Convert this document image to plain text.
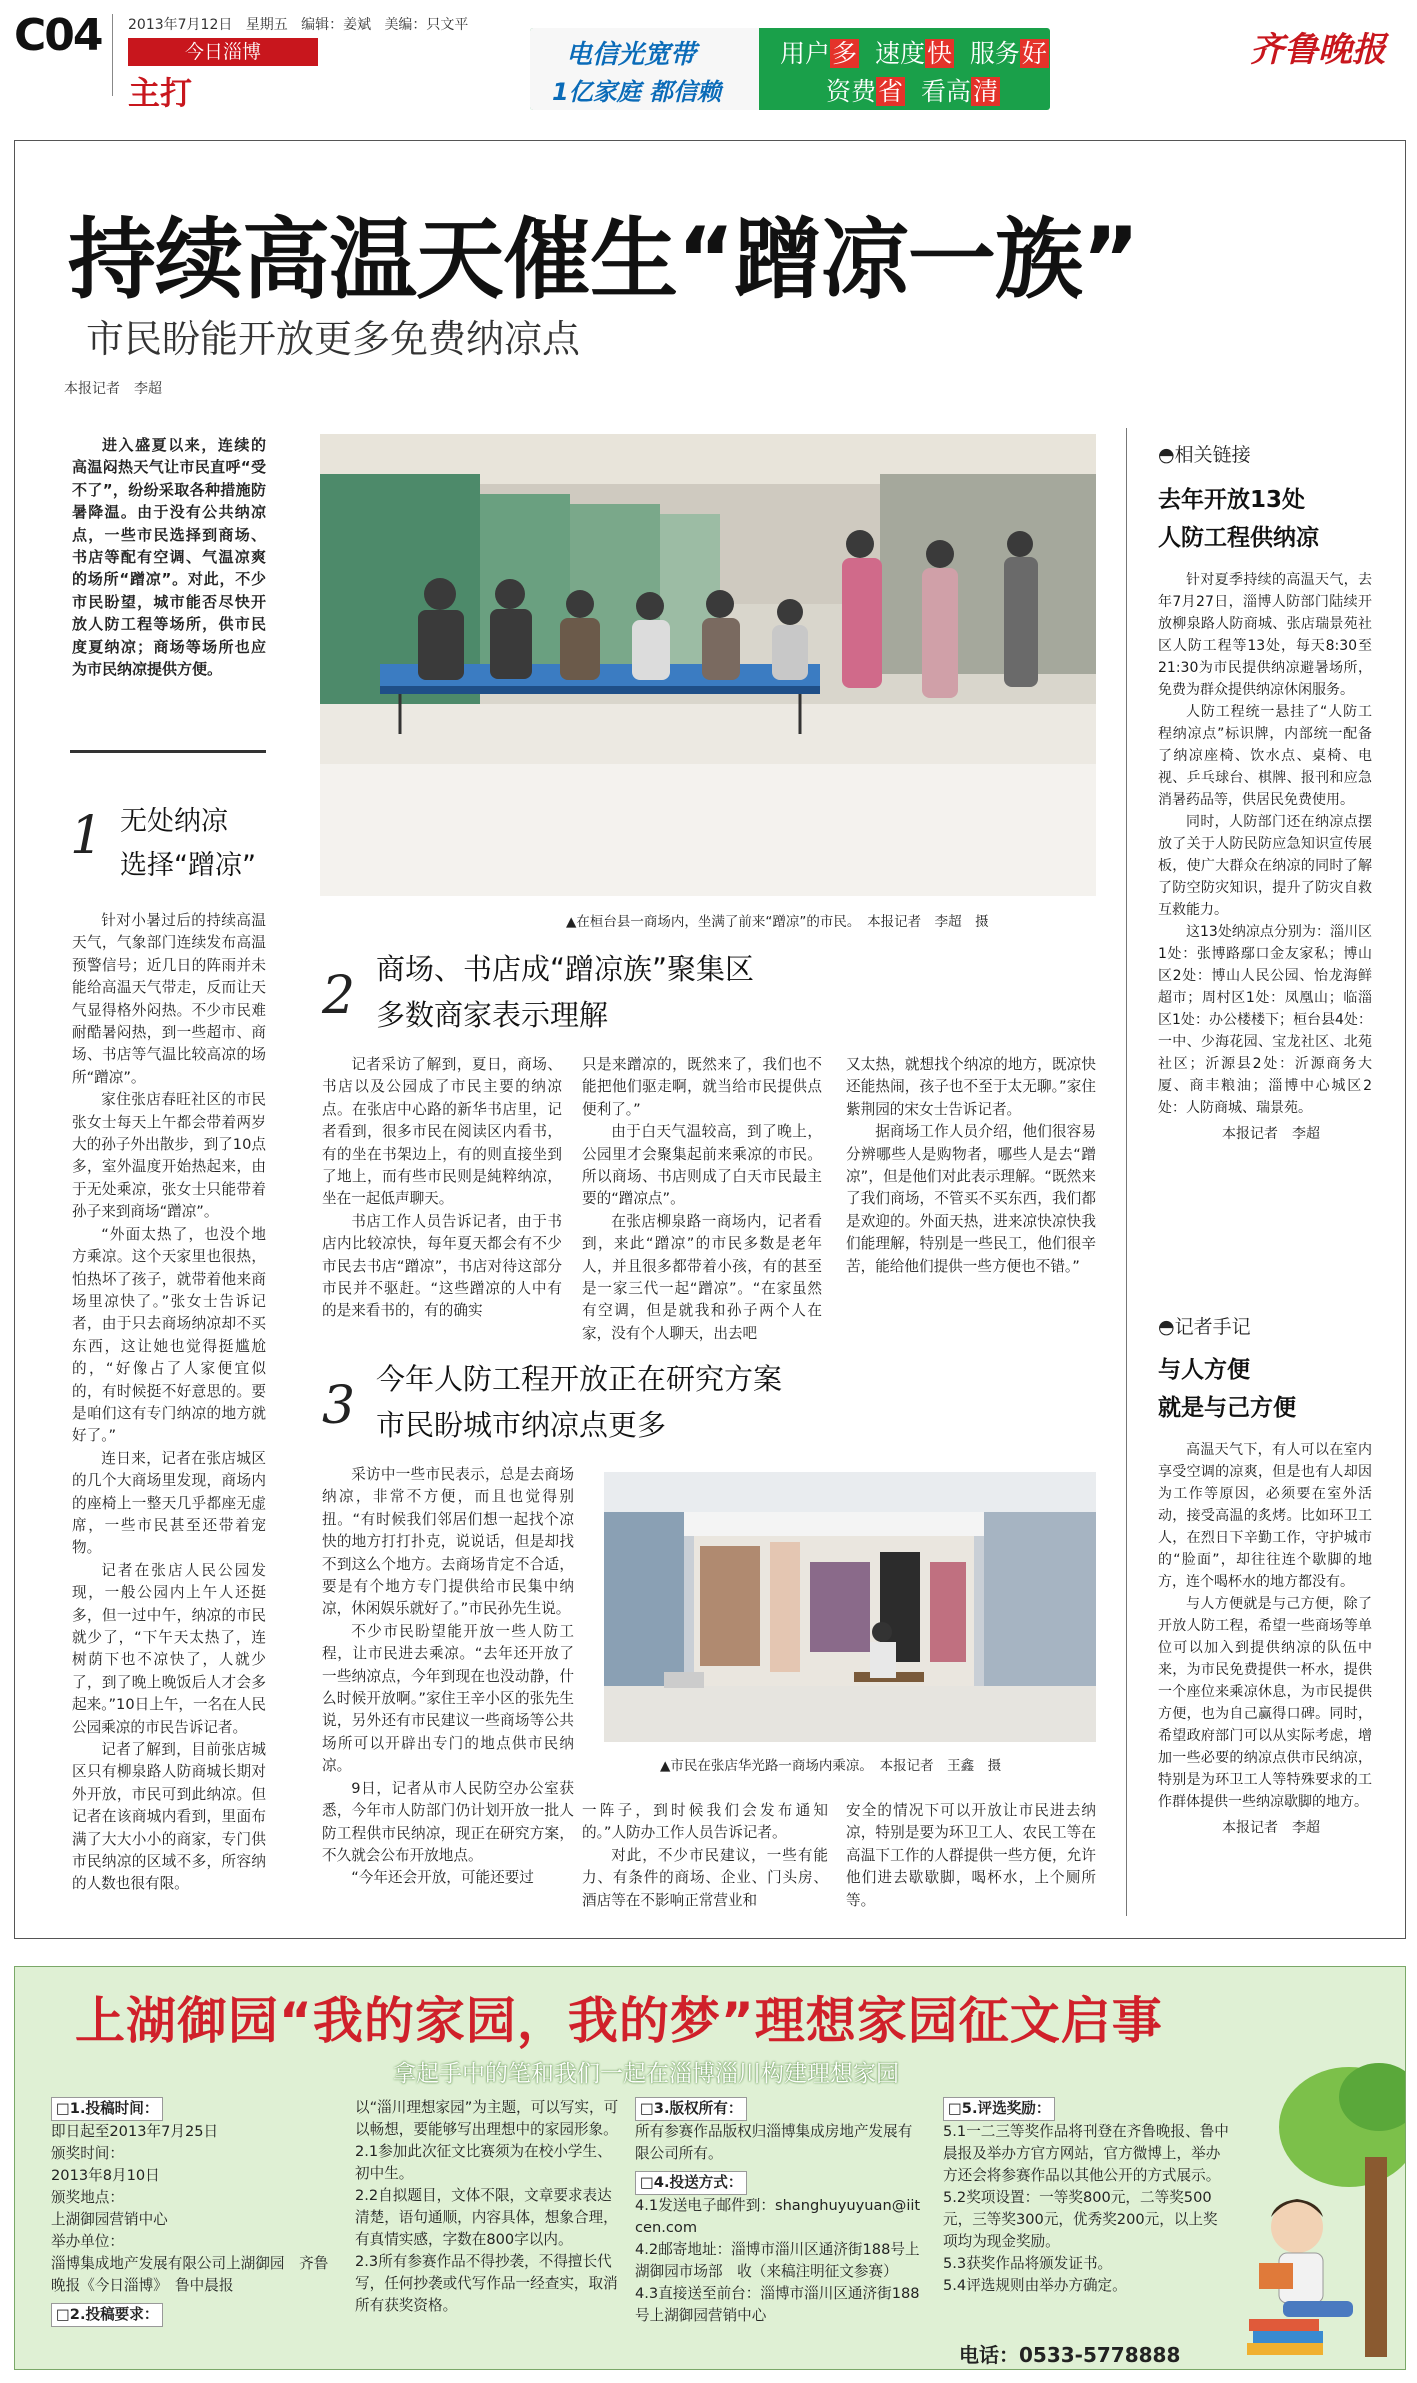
C04 2013年7月12日 星期五 编辑：姜斌 美编：只文平
今日淄博
主打
电信光宽带
1亿家庭 都信赖
用户多 速度快 服务好
资费省 看高清
齐鲁晚报
持续高温天催生“蹭凉一族”
市民盼能开放更多免费纳凉点
本报记者　李超

进入盛夏以来，连续的高温闷热天气让市民直呼“受不了”，纷纷采取各种措施防暑降温。由于没有公共纳凉点，一些市民选择到商场、书店等配有空调、气温凉爽的场所“蹭凉”。对此，不少市民盼望，城市能否尽快开放人防工程等场所，供市民度夏纳凉；商场等场所也应为市民纳凉提供方便。

1 无处纳凉
选择“蹭凉”

针对小暑过后的持续高温天气，气象部门连续发布高温预警信号；近几日的阵雨并未能给高温天气带走，反而让天气显得格外闷热。不少市民难耐酷暑闷热，到一些超市、商场、书店等气温比较高凉的场所“蹭凉”。

家住张店春旺社区的市民张女士每天上午都会带着两岁大的孙子外出散步，到了10点多，室外温度开始热起来，由于无处乘凉，张女士只能带着孙子来到商场“蹭凉”。

“外面太热了，也没个地方乘凉。这个天家里也很热，怕热坏了孩子，就带着他来商场里凉快了。”张女士告诉记者，由于只去商场纳凉却不买东西，这让她也觉得挺尴尬的，“好像占了人家便宜似的，有时候挺不好意思的。要是咱们这有专门纳凉的地方就好了。”

连日来，记者在张店城区的几个大商场里发现，商场内的座椅上一整天几乎都座无虚席，一些市民甚至还带着宠物。

记者在张店人民公园发现，一般公园内上午人还挺多，但一过中午，纳凉的市民就少了，“下午天太热了，连树荫下也不凉快了，人就少了，到了晚上晚饭后人才会多起来。”10日上午，一名在人民公园乘凉的市民告诉记者。

记者了解到，目前张店城区只有柳泉路人防商城长期对外开放，市民可到此纳凉。但记者在该商城内看到，里面布满了大大小小的商家，专门供市民纳凉的区域不多，所容纳的人数也很有限。

▲在桓台县一商场内，坐满了前来“蹭凉”的市民。　本报记者　李超　摄
2 商场、书店成“蹭凉族”聚集区
多数商家表示理解

记者采访了解到，夏日，商场、书店以及公园成了市民主要的纳凉点。在张店中心路的新华书店里，记者看到，很多市民在阅读区内看书，有的坐在书架边上，有的则直接坐到了地上，而有些市民则是純粹纳凉，坐在一起低声聊天。

书店工作人员告诉记者，由于书店内比较凉快，每年夏天都会有不少市民去书店“蹭凉”，书店对待这部分市民并不驱赶。“这些蹭凉的人中有的是来看书的，有的确实

只是来蹭凉的，既然来了，我们也不能把他们驱走啊，就当给市民提供点便利了。”

由于白天气温较高，到了晚上，公园里才会聚集起前来乘凉的市民。所以商场、书店则成了白天市民最主要的“蹭凉点”。

在张店柳泉路一商场内，记者看到，来此“蹭凉”的市民多数是老年人，并且很多都带着小孩，有的甚至是一家三代一起“蹭凉”。“在家虽然有空调，但是就我和孙子两个人在家，没有个人聊天，出去吧

又太热，就想找个纳凉的地方，既凉快还能热闹，孩子也不至于太无聊。”家住紫荆园的宋女士告诉记者。

据商场工作人员介绍，他们很容易分辨哪些人是购物者，哪些人是去“蹭凉”，但是他们对此表示理解。“既然来了我们商场，不管买不买东西，我们都是欢迎的。外面天热，进来凉快凉快我们能理解，特别是一些民工，他们很辛苦，能给他们提供一些方便也不错。”

3 今年人防工程开放正在研究方案
市民盼城市纳凉点更多

采访中一些市民表示，总是去商场纳凉，非常不方便，而且也觉得别扭。“有时候我们邻居们想一起找个凉快的地方打打扑克，说说话，但是却找不到这么个地方。去商场肯定不合适，要是有个地方专门提供给市民集中纳凉，休闲娱乐就好了。”市民孙先生说。

不少市民盼望能开放一些人防工程，让市民进去乘凉。“去年还开放了一些纳凉点，今年到现在也没动静，什么时候开放啊。”家住王辛小区的张先生说，另外还有市民建议一些商场等公共场所可以开辟出专门的地点供市民纳凉。

9日，记者从市人民防空办公室获悉，今年市人防部门仍计划开放一批人防工程供市民纳凉，现正在研究方案，不久就会公布开放地点。

“今年还会开放，可能还要过

▲市民在张店华光路一商场内乘凉。　本报记者　王鑫　摄

一阵子，到时候我们会发布通知的。”人防办工作人员告诉记者。

对此，不少市民建议，一些有能力、有条件的商场、企业、门头房、酒店等在不影响正常营业和

安全的情况下可以开放让市民进去纳凉，特别是要为环卫工人、农民工等在高温下工作的人群提供一些方便，允许他们进去歇歇脚，喝杯水，上个厕所等。

◓相关链接
去年开放13处
人防工程供纳凉

针对夏季持续的高温天气，去年7月27日，淄博人防部门陆续开放柳泉路人防商城、张店瑞景苑社区人防工程等13处，每天8:30至21:30为市民提供纳凉避暑场所，免费为群众提供纳凉休闲服务。

人防工程统一悬挂了“人防工程纳凉点”标识牌，内部统一配备了纳凉座椅、饮水点、桌椅、电视、乒乓球台、棋牌、报刊和应急消暑药品等，供居民免费使用。

同时，人防部门还在纳凉点摆放了关于人防民防应急知识宣传展板，使广大群众在纳凉的同时了解了防空防灾知识，提升了防灾自救互救能力。

这13处纳凉点分别为：淄川区1处：张博路鄢口金友家私；博山区2处：博山人民公园、怡龙海鲜超市；周村区1处：凤凰山；临淄区1处：办公楼楼下；桓台县4处：一中、少海花园、宝龙社区、北苑社区；沂源县2处：沂源商务大厦、商丰粮油；淄博中心城区2处：人防商城、瑞景苑。

本报记者　李超
◓记者手记
与人方便
就是与己方便

高温天气下，有人可以在室内享受空调的凉爽，但是也有人却因为工作等原因，必须要在室外活动，接受高温的炙烤。比如环卫工人，在烈日下辛勤工作，守护城市的“脸面”，却往往连个歇脚的地方，连个喝杯水的地方都没有。

与人方便就是与己方便，除了开放人防工程，希望一些商场等单位可以加入到提供纳凉的队伍中来，为市民免费提供一杯水，提供一个座位来乘凉休息，为市民提供方便，也为自己赢得口碑。同时，希望政府部门可以从实际考虑，增加一些必要的纳凉点供市民纳凉，特别是为环卫工人等特殊要求的工作群体提供一些纳凉歇脚的地方。

本报记者　李超
上湖御园“我的家园，我的梦”理想家园征文启事
拿起手中的笔和我们一起在淄博淄川构建理想家园
□1.投稿时间：
即日起至2013年7月25日
颁奖时间：
2013年8月10日
颁奖地点：
上湖御园营销中心
举办单位：
淄博集成地产发展有限公司上湖御园　齐鲁晚报《今日淄博》　鲁中晨报
□2.投稿要求：
以“淄川理想家园”为主题，可以写实，可以畅想，要能够写出理想中的家园形象。
2.1参加此次征文比赛须为在校小学生、初中生。
2.2自拟题目，文体不限，文章要求表达清楚，语句通顺，内容具体，想象合理，有真情实感，字数在800字以内。
2.3所有参赛作品不得抄袭，不得擅长代写，任何抄袭或代写作品一经查实，取消所有获奖资格。
□3.版权所有：
所有参赛作品版权归淄博集成房地产发展有限公司所有。
□4.投送方式：
4.1发送电子邮件到：shanghuyuyuan@iitcen.com
4.2邮寄地址：淄博市淄川区通济街188号上湖御园市场部　收（来稿注明征文参赛）
4.3直接送至前台：淄博市淄川区通济街188号上湖御园营销中心
□5.评选奖励：
5.1一二三等奖作品将刊登在齐鲁晚报、鲁中晨报及举办方官方网站，官方微博上，举办方还会将参赛作品以其他公开的方式展示。
5.2奖项设置：一等奖800元，二等奖500元，三等奖300元，优秀奖200元，以上奖项均为现金奖励。
5.3获奖作品将颁发证书。
5.4评选规则由举办方确定。
电话：0533-5778888
